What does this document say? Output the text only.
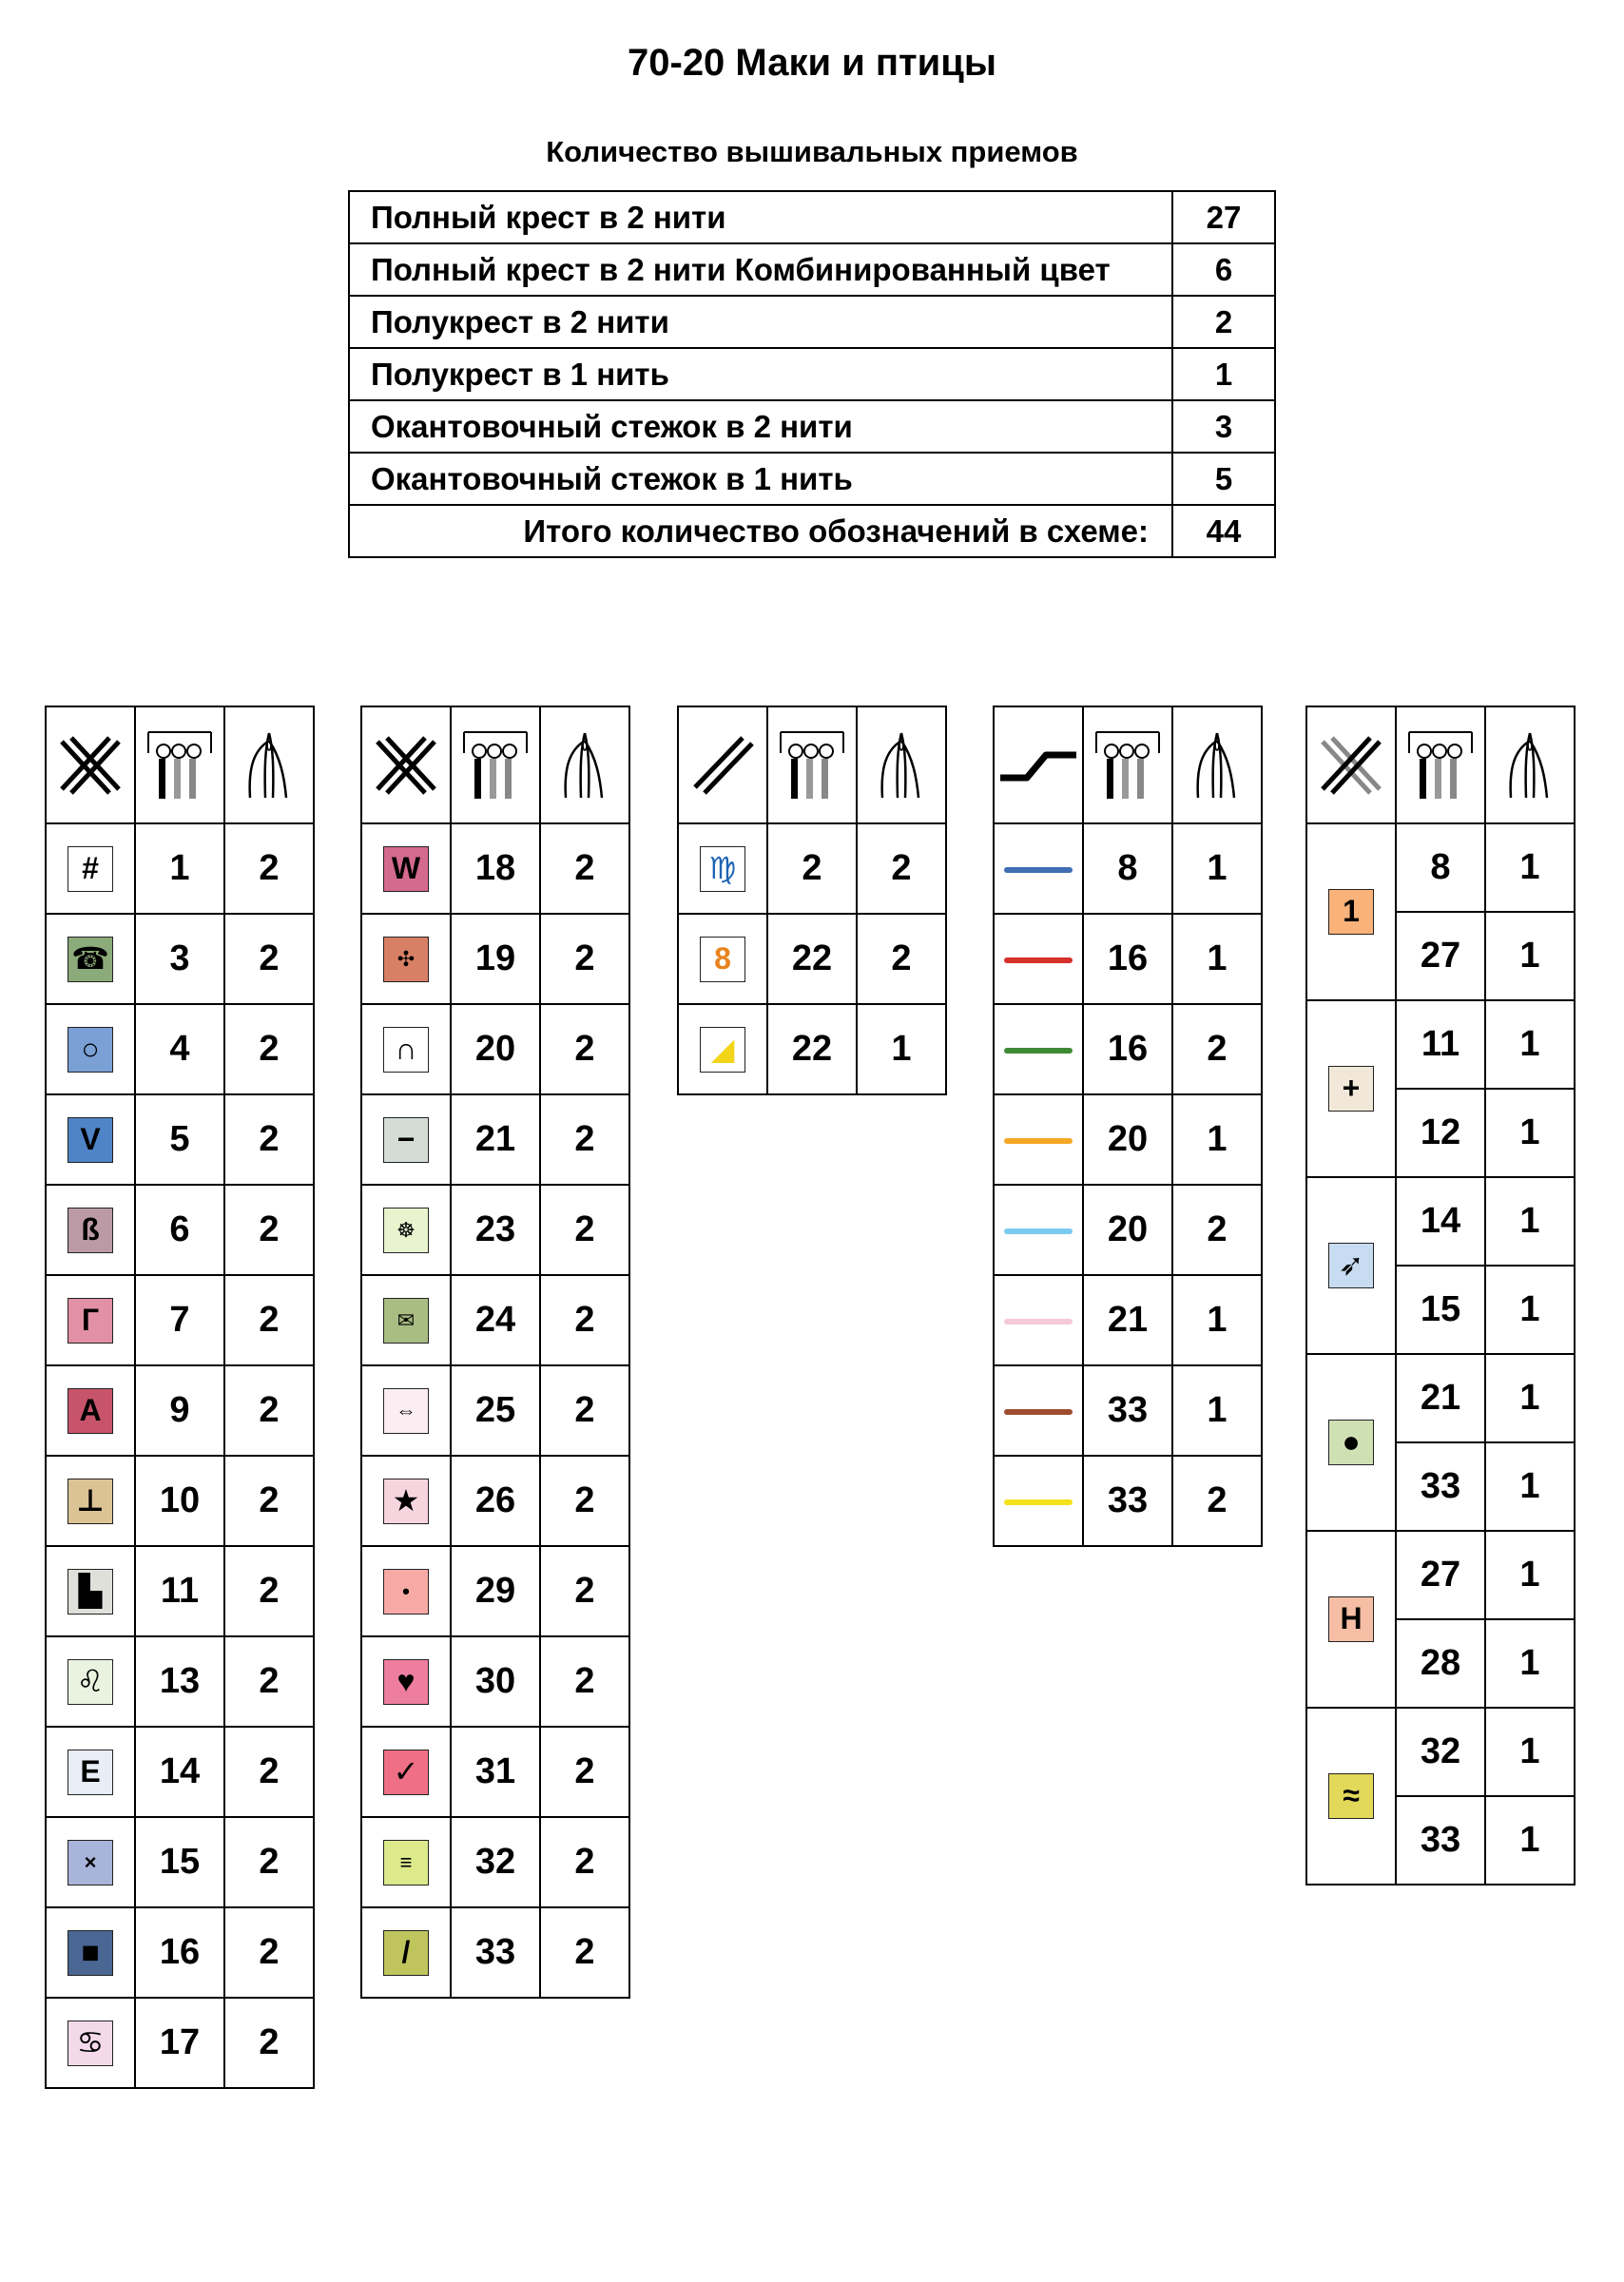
70-20 Маки и птицы
Количество вышивальных приемов
Полный крест в 2 нити	27
Полный крест в 2 нити Комбинированный цвет	6
Полукрест в 2 нити	2
Полукрест в 1 нить	1
Окантовочный стежок в 2 нити	3
Окантовочный стежок в 1 нить	5
Итого количество обозначений в схеме:	44

#	1	2
☎	3	2
○	4	2
V	5	2
ß	6	2
Г	7	2
A	9	2
⊥	10	2
▙	11	2
♌	13	2
E	14	2
×	15	2
■	16	2
♋	17	2

W	18	2
✣	19	2
∩	20	2
−	21	2
☸	23	2
✉	24	2
⇔	25	2
★	26	2
•	29	2
♥	30	2
✓	31	2
≡	32	2
/	33	2

♍	2	2
8	22	2
◢	22	1

	8	1
	16	1
	16	2
	20	1
	20	2
	21	1
	33	1
	33	2

1	8	1
	27	1
+	11	1
	12	1
➶	14	1
	15	1
●	21	1
	33	1
H	27	1
	28	1
≈	32	1
	33	1
